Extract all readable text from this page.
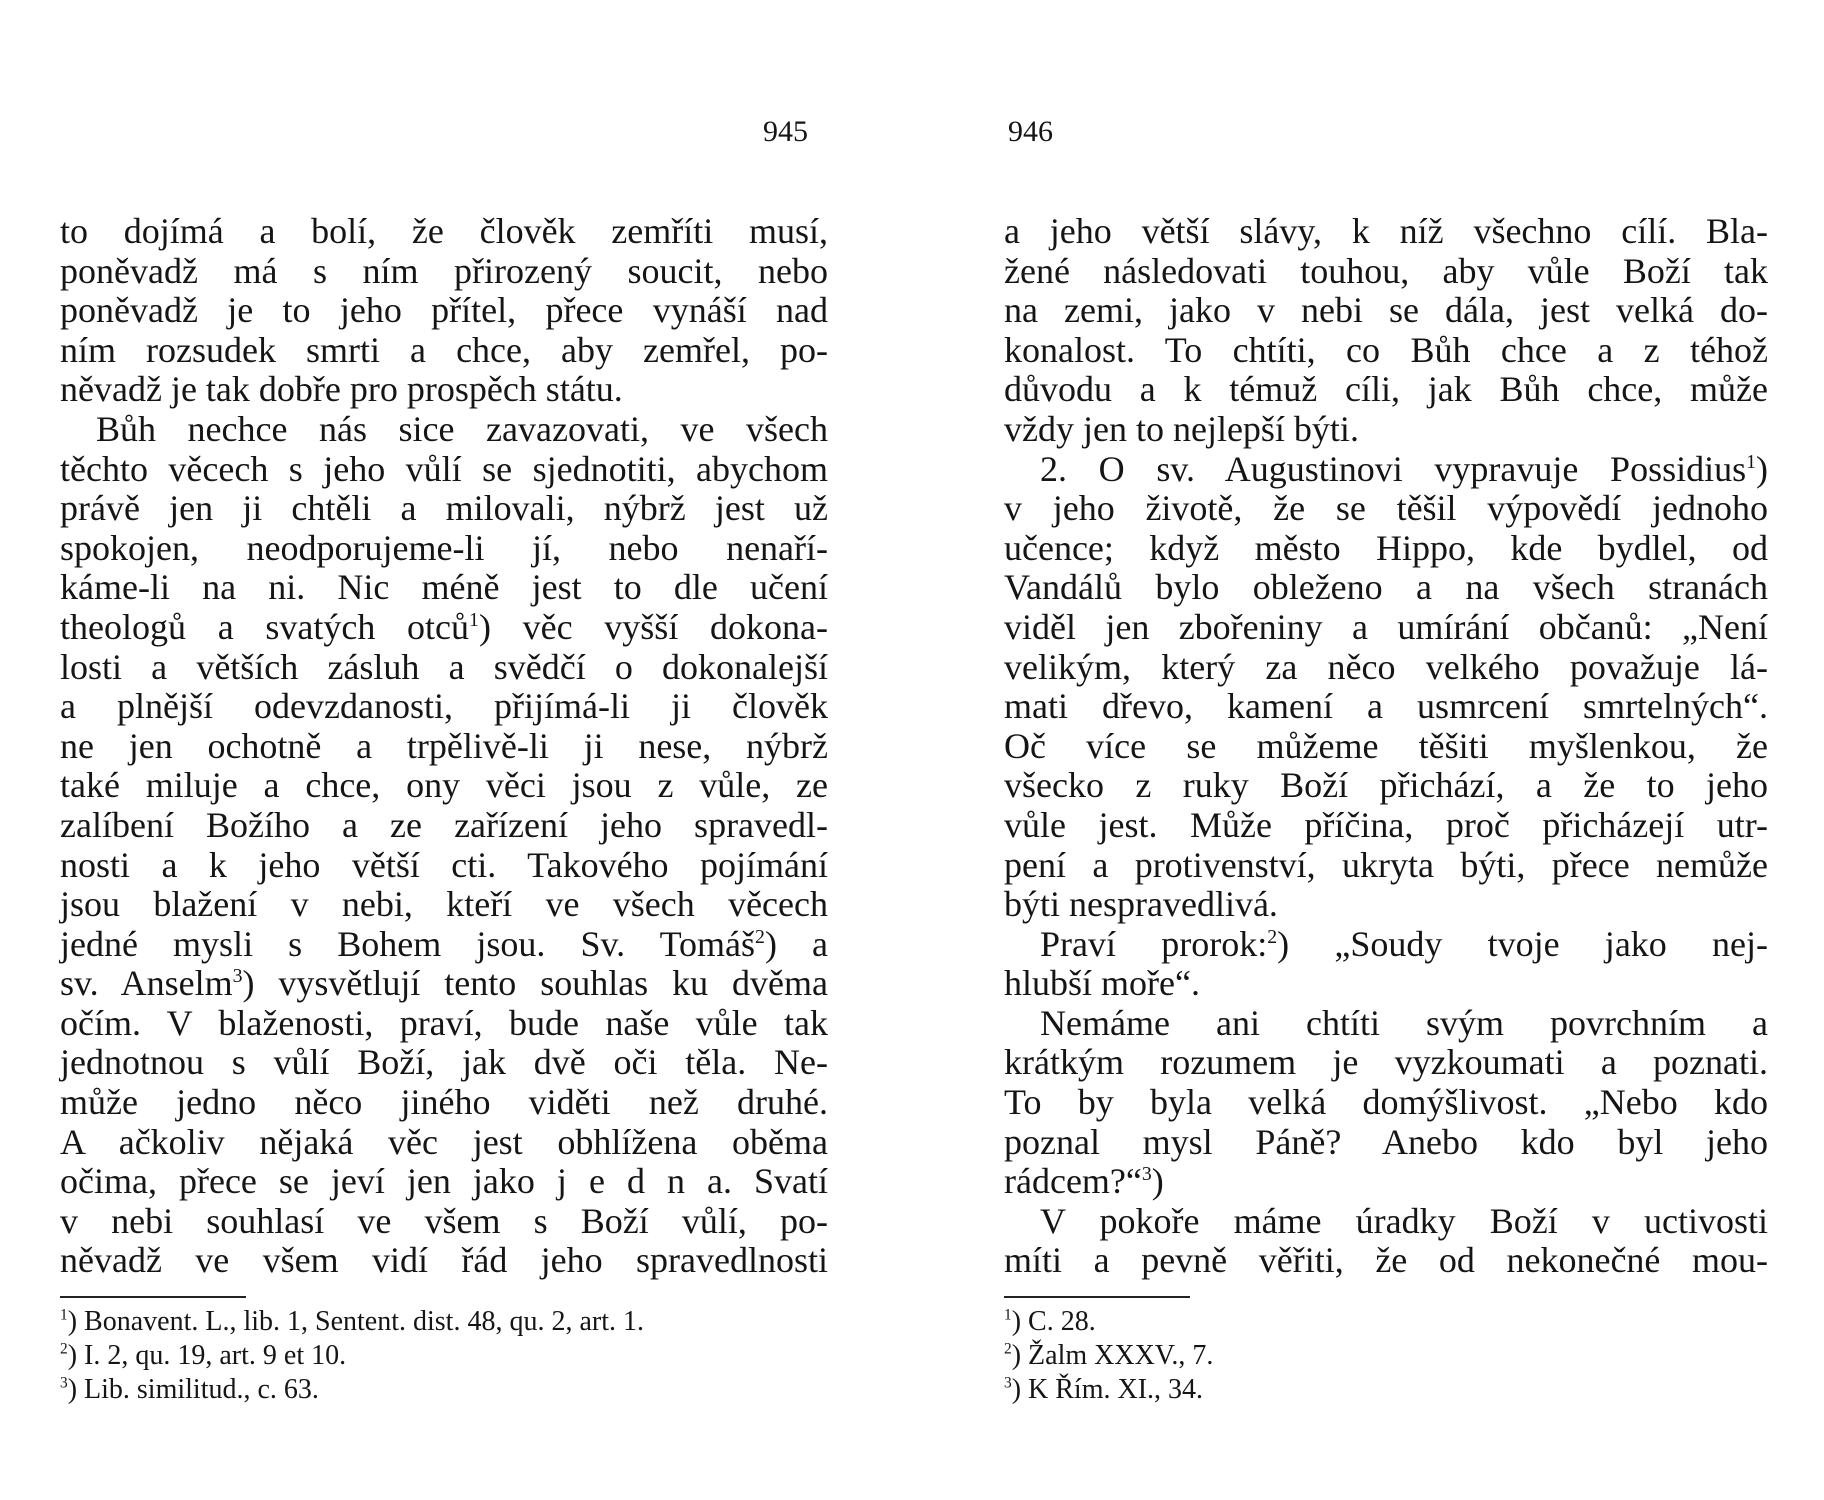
945	946
to dojímá a bolí, že člověk zemříti musí,
poněvadž má s ním přirozený soucit, nebo
poněvadž je to jeho přítel, přece vynáší nad
ním rozsudek smrti a chce, aby zemřel, po-
něvadž je tak dobře pro prospěch státu.
Bůh nechce nás sice zavazovati, ve všech
těchto věcech s jeho vůlí se sjednotiti, abychom
právě jen ji chtěli a milovali, nýbrž jest už
spokojen, neodporujeme-li jí, nebo nenaří-
káme-li na ni. Nic méně jest to dle učení
theologů a svatých otců$^1$) věc vyšší dokona-
losti a větších zásluh a svědčí o dokonalejší
a plnější odevzdanosti, přijímá-li ji člověk
ne jen ochotně a trpělivě-li ji nese, nýbrž
také miluje a chce, ony věci jsou z vůle, ze
zalíbení Božího a ze zařízení jeho spravedl-
nosti a k jeho větší cti. Takového pojímání
jsou blažení v nebi, kteří ve všech věcech
jedné mysli s Bohem jsou. Sv. Tomáš$^2$) a
sv. Anselm$^3$) vysvětlují tento souhlas ku dvěma
očím. V blaženosti, praví, bude naše vůle tak
jednotnou s vůlí Boží, jak dvě oči těla. Ne-
může jedno něco jiného viděti než druhé.
A ačkoliv nějaká věc jest obhlížena oběma
očima, přece se jeví jen jako j e d n a. Svatí
v nebi souhlasí ve všem s Boží vůlí, po-
něvadž ve všem vidí řád jeho spravedlnosti
$^1$) Bonavent. L., lib. 1, Sentent. dist. 48, qu. 2, art. 1.
$^2$) I. 2, qu. 19, art. 9 et 10.
$^3$) Lib. similitud., c. 63.
a jeho větší slávy, k níž všechno cílí. Bla-
žené následovati touhou, aby vůle Boží tak
na zemi, jako v nebi se dála, jest velká do-
konalost. To chtíti, co Bůh chce a z téhož
důvodu a k témuž cíli, jak Bůh chce, může
vždy jen to nejlepší býti.
2. O sv. Augustinovi vypravuje Possidius$^1$)
v jeho životě, že se těšil výpovědí jednoho
učence; když město Hippo, kde bydlel, od
Vandálů bylo obleženo a na všech stranách
viděl jen zbořeniny a umírání občanů: „Není
velikým, který za něco velkého považuje lá-
mati dřevo, kamení a usmrcení smrtelných“.
Oč více se můžeme těšiti myšlenkou, že
všecko z ruky Boží přichází, a že to jeho
vůle jest. Může příčina, proč přicházejí utr-
pení a protivenství, ukryta býti, přece nemůže
býti nespravedlivá.
Praví prorok:$^2$) „Soudy tvoje jako nej-
hlubší moře“.
Nemáme ani chtíti svým povrchním a
krátkým rozumem je vyzkoumati a poznati.
To by byla velká domýšlivost. „Nebo kdo
poznal mysl Páně? Anebo kdo byl jeho
rádcem?“$^3$)
V pokoře máme úradky Boží v uctivosti
míti a pevně věřiti, že od nekonečné mou-
$^1$) C. 28.
$^2$) Žalm XXXV., 7.
$^3$) K Řím. XI., 34.
